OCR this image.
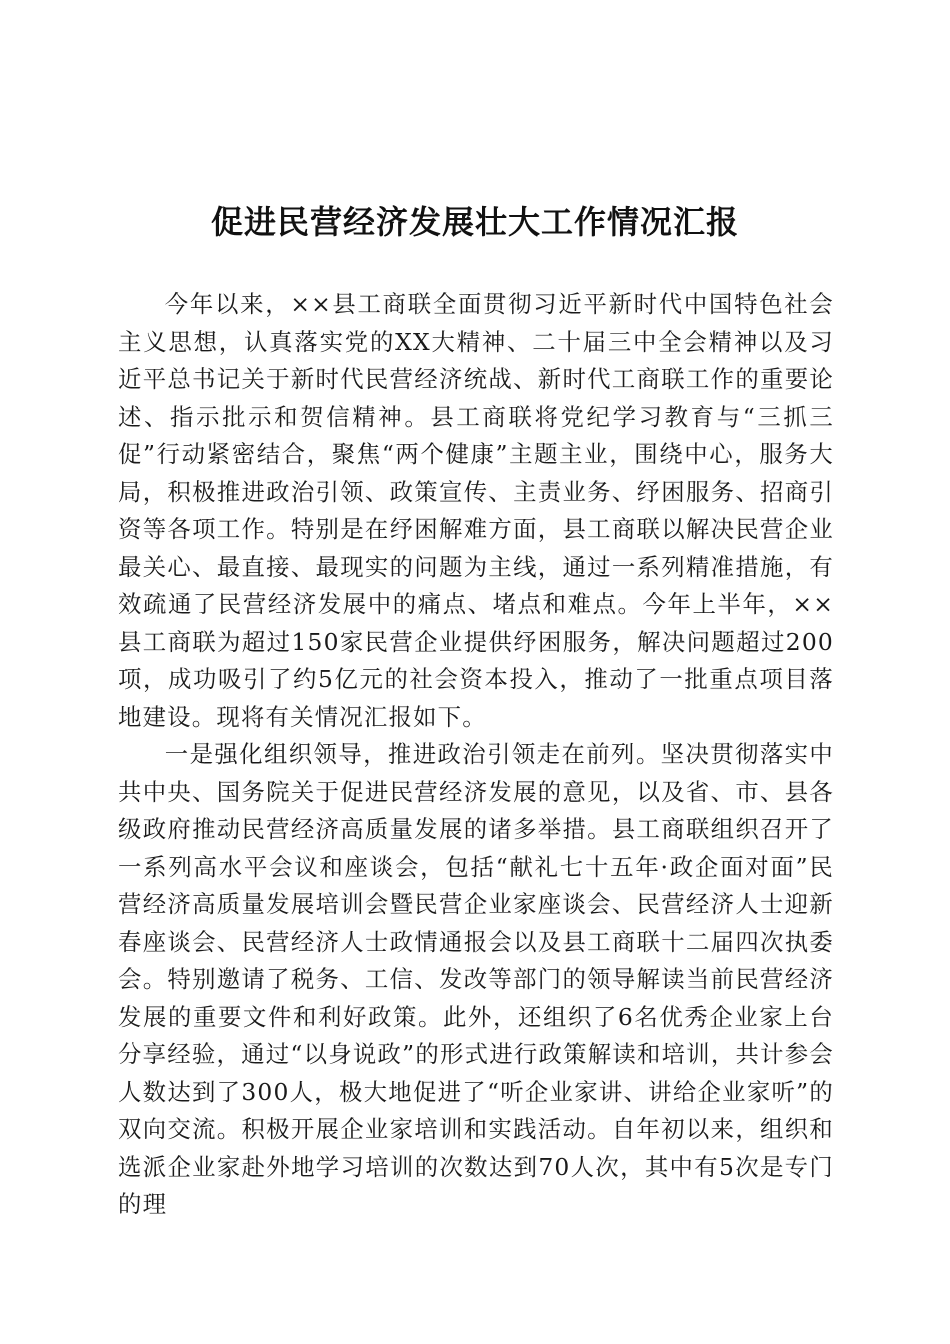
促进民营经济发展壮大工作情况汇报

今年以来，××县工商联全面贯彻习近平新时代中国特色社会主义思想，认真落实党的XX大精神、二十届三中全会精神以及习近平总书记关于新时代民营经济统战、新时代工商联工作的重要论述、指示批示和贺信精神。县工商联将党纪学习教育与“三抓三促”行动紧密结合，聚焦“两个健康”主题主业，围绕中心，服务大局，积极推进政治引领、政策宣传、主责业务、纾困服务、招商引资等各项工作。特别是在纾困解难方面，县工商联以解决民营企业最关心、最直接、最现实的问题为主线，通过一系列精准措施，有效疏通了民营经济发展中的痛点、堵点和难点。今年上半年，××县工商联为超过150家民营企业提供纾困服务，解决问题超过200项，成功吸引了约5亿元的社会资本投入，推动了一批重点项目落地建设。现将有关情况汇报如下。

一是强化组织领导，推进政治引领走在前列。坚决贯彻落实中共中央、国务院关于促进民营经济发展的意见，以及省、市、县各级政府推动民营经济高质量发展的诸多举措。县工商联组织召开了一系列高水平会议和座谈会，包括“献礼七十五年·政企面对面”民营经济高质量发展培训会暨民营企业家座谈会、民营经济人士迎新春座谈会、民营经济人士政情通报会以及县工商联十二届四次执委会。特别邀请了税务、工信、发改等部门的领导解读当前民营经济发展的重要文件和利好政策。此外，还组织了6名优秀企业家上台分享经验，通过“以身说政”的形式进行政策解读和培训，共计参会人数达到了300人，极大地促进了“听企业家讲、讲给企业家听”的双向交流。积极开展企业家培训和实践活动。自年初以来，组织和选派企业家赴外地学习培训的次数达到70人次，其中有5次是专门的理
